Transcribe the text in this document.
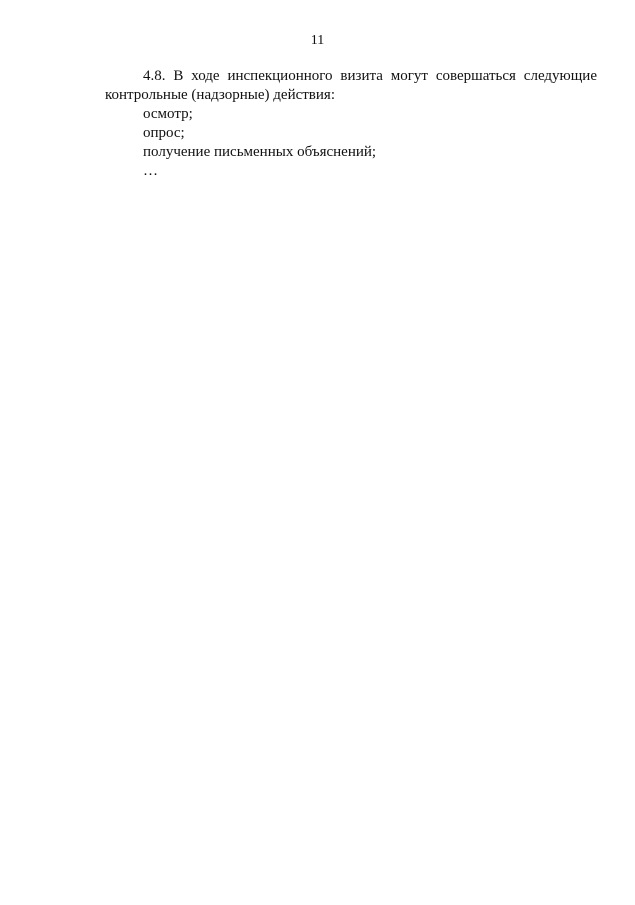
11

4.8. В ходе инспекционного визита могут совершаться следующие контрольные (надзорные) действия:

осмотр;

опрос;

получение письменных объяснений;

…
